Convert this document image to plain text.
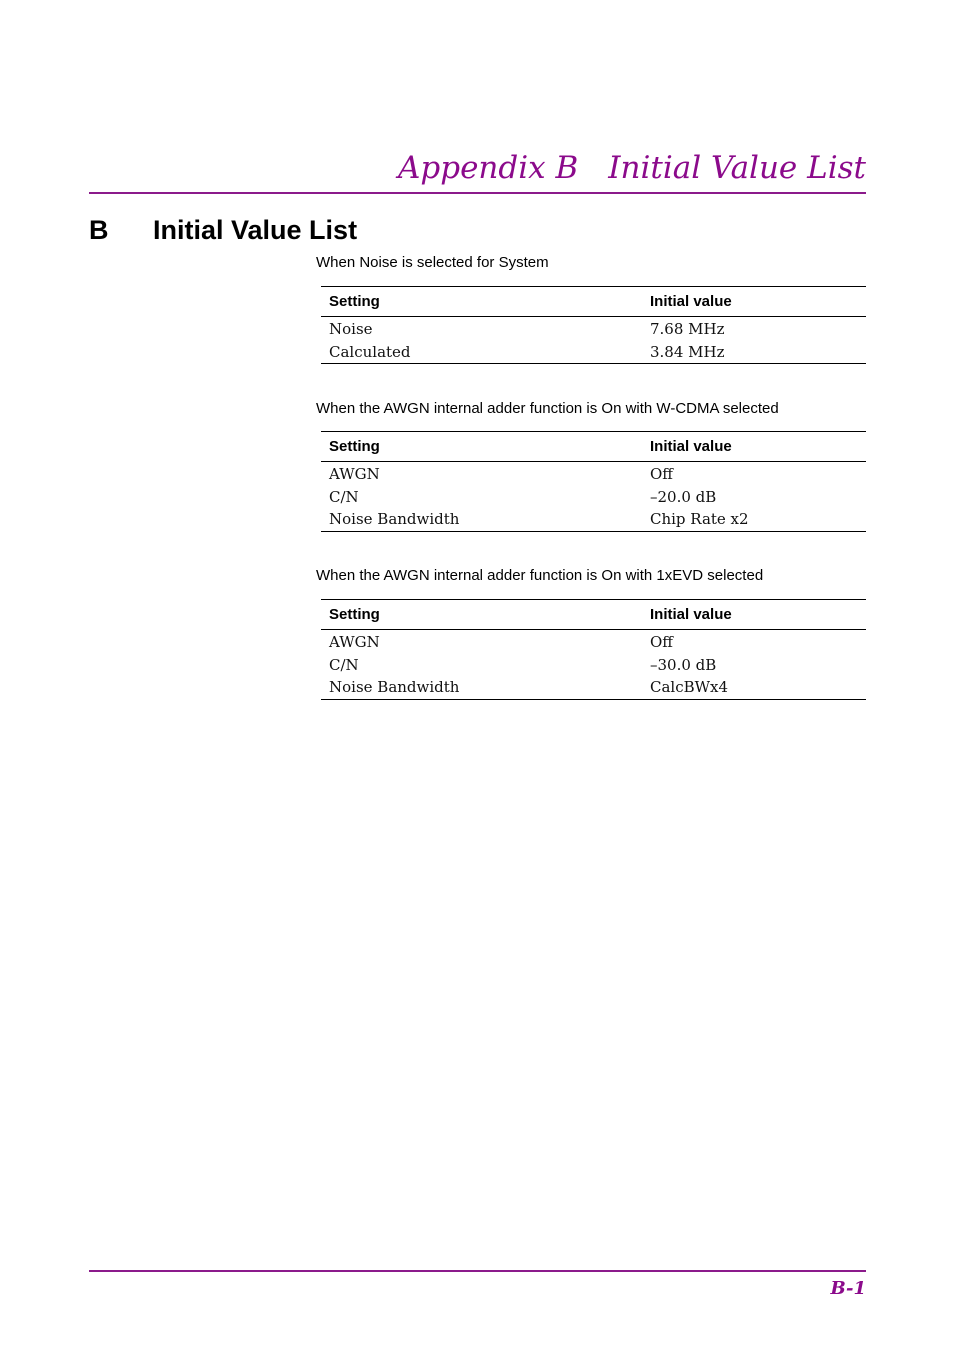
Appendix B Initial Value List
B Initial Value List
When Noise is selected for System
Setting	Initial value
Noise	7.68 MHz
Calculated	3.84 MHz
When the AWGN internal adder function is On with W-CDMA selected
Setting	Initial value
AWGN	Off
C/N	–20.0 dB
Noise Bandwidth	Chip Rate x2
When the AWGN internal adder function is On with 1xEVD selected
Setting	Initial value
AWGN	Off
C/N	–30.0 dB
Noise Bandwidth	CalcBWx4
B-1
